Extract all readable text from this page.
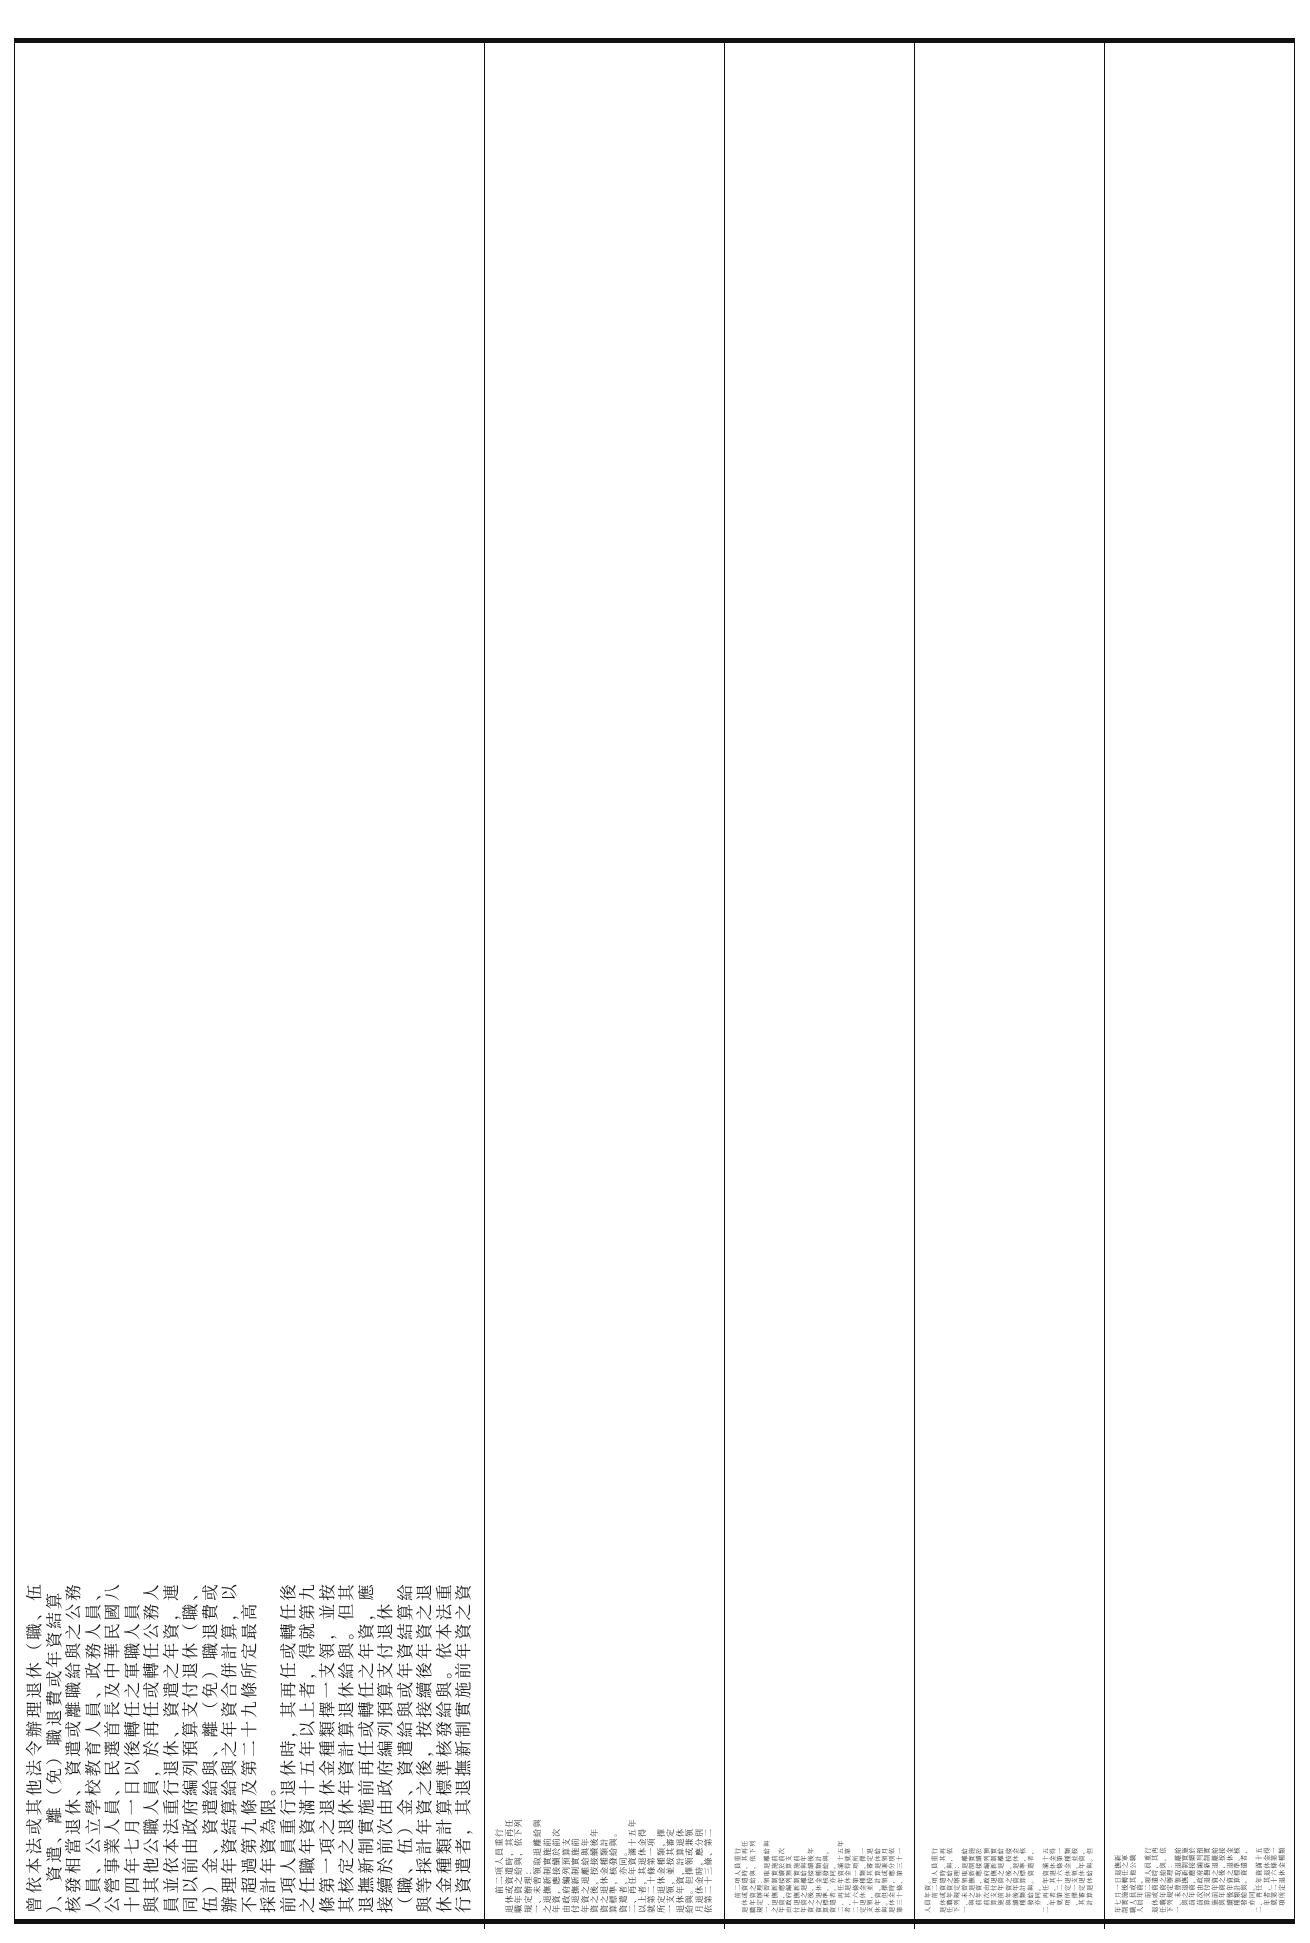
曾依本法或其他法令辦理退休（職、伍 ）、資遣、離（免）職退費或年資結算 核發相當退休、資遣或離職給與之公務 人員、公立學校教育人員、政務人員、 公營事業人員、民選首長及中華民國八 十四年七月一日以後轉任之軍職人員 與其他公職人員，於再任或轉任公務人 員並依本法重行退休、資遣之年資，連 同以前由政府編列預算支付退休（職、 伍）金、資遣給與、離（免）職退費或 辦理年資結算給與之年資合併計算，以 不超過第九條及第二十九條所定最高 採計年資為限。 前項人員重行退休時，其再任或轉任後 之任職年資滿十五年以上者，得就第九 條第一項之退休金種類擇一支領，並按 其核定之退休年資計算退休給與。但其 退撫新制實施前再任或轉任之年資，應 接續於前次由政府編列預算支付退休 （職、伍）金、資遣給與或年資結算給 與等採計年資之後，按接續後年資之退 休金種類計算標準核發給與。依本法重 行資遣者，其退撫新制實施前年資之資	　　前二項人員重行 退休或資遣時，其再任 職年資之給與，依下列 規定辦理： 一、未曾領取退離給與 之退撫新制實施前 年資，應接續於前次 由政府編列預算支 付退撫新制實施前 年資之退離給與年 資之後，按接續後年 資之退休金種類計 算標準，核發給與。 資遣者，亦同。 二、再任年資滿十五年 以上者，其退休金得 就第二十條第一項 所定退休金種類，擇 一支領，並按其審定 退休年資，計算退休 給與。但擇領或兼領 月退休金時，應分別 依第二十三條、第二	　　前二項人員重行 退休或資遣時，其再任 職年資之給與，依下列 規定辦理： 一、未曾領取退離給與 之退撫新制實施前 年資，應接續於前次 由政府編列預算支 付退撫新制實施前 年資之退離給與年 資之後，按接續後年 資之退休金種類計 算標準，核發給與。 資遣者，亦同。 二、再任年資滿十五年 者，其退休金得就第 二十六條第一項所 定退休金種類，擇一 支領，並按其審定退 休年資，計算退休給 與。但擇領或兼領月 退休金時，應分別依 第三十條、第三十一	人員年資。 　　前二項人員重行 退休或資遣時，其再 任職年資之給與，依 下列規定辦理： 一、未曾領取退離給 　與之退撫新制實施 　前年資，應接續於 　前次由政府編列預 　算支付退撫新制實 　施前年資之退離給 　與年資之後，按接 　續後年資之退休金 　種類計算標準，核 　發給與。資遣者， 　亦同。 二、再任年資滿十五 　年者，其退休金得 　就第二十六條第一 　項所定退休金種類 　，擇一支領，並按 　其審定退休年資， 　計算退休給與。但	年七月一日退撫新 制實施後轉任之軍 職人員或其他公職 人員年資。 　　前二項人員重行 退休或資遣時，其再 任職年資之給與，依 下列規定辦理： 一、未曾領取退離給 　與之退撫新制實施 　前年資，應接續於 　前次由政府編列預 　算支付退撫新制實 　施前年資之退離給 　與年資之後，按接 　續後年資之退休金 　種類計算標準，核 　發給與。資遣者， 　亦同。 二、再任年資滿十五 　年者，其退休金得 　就第二十六條第一 　項所定退休金種類
